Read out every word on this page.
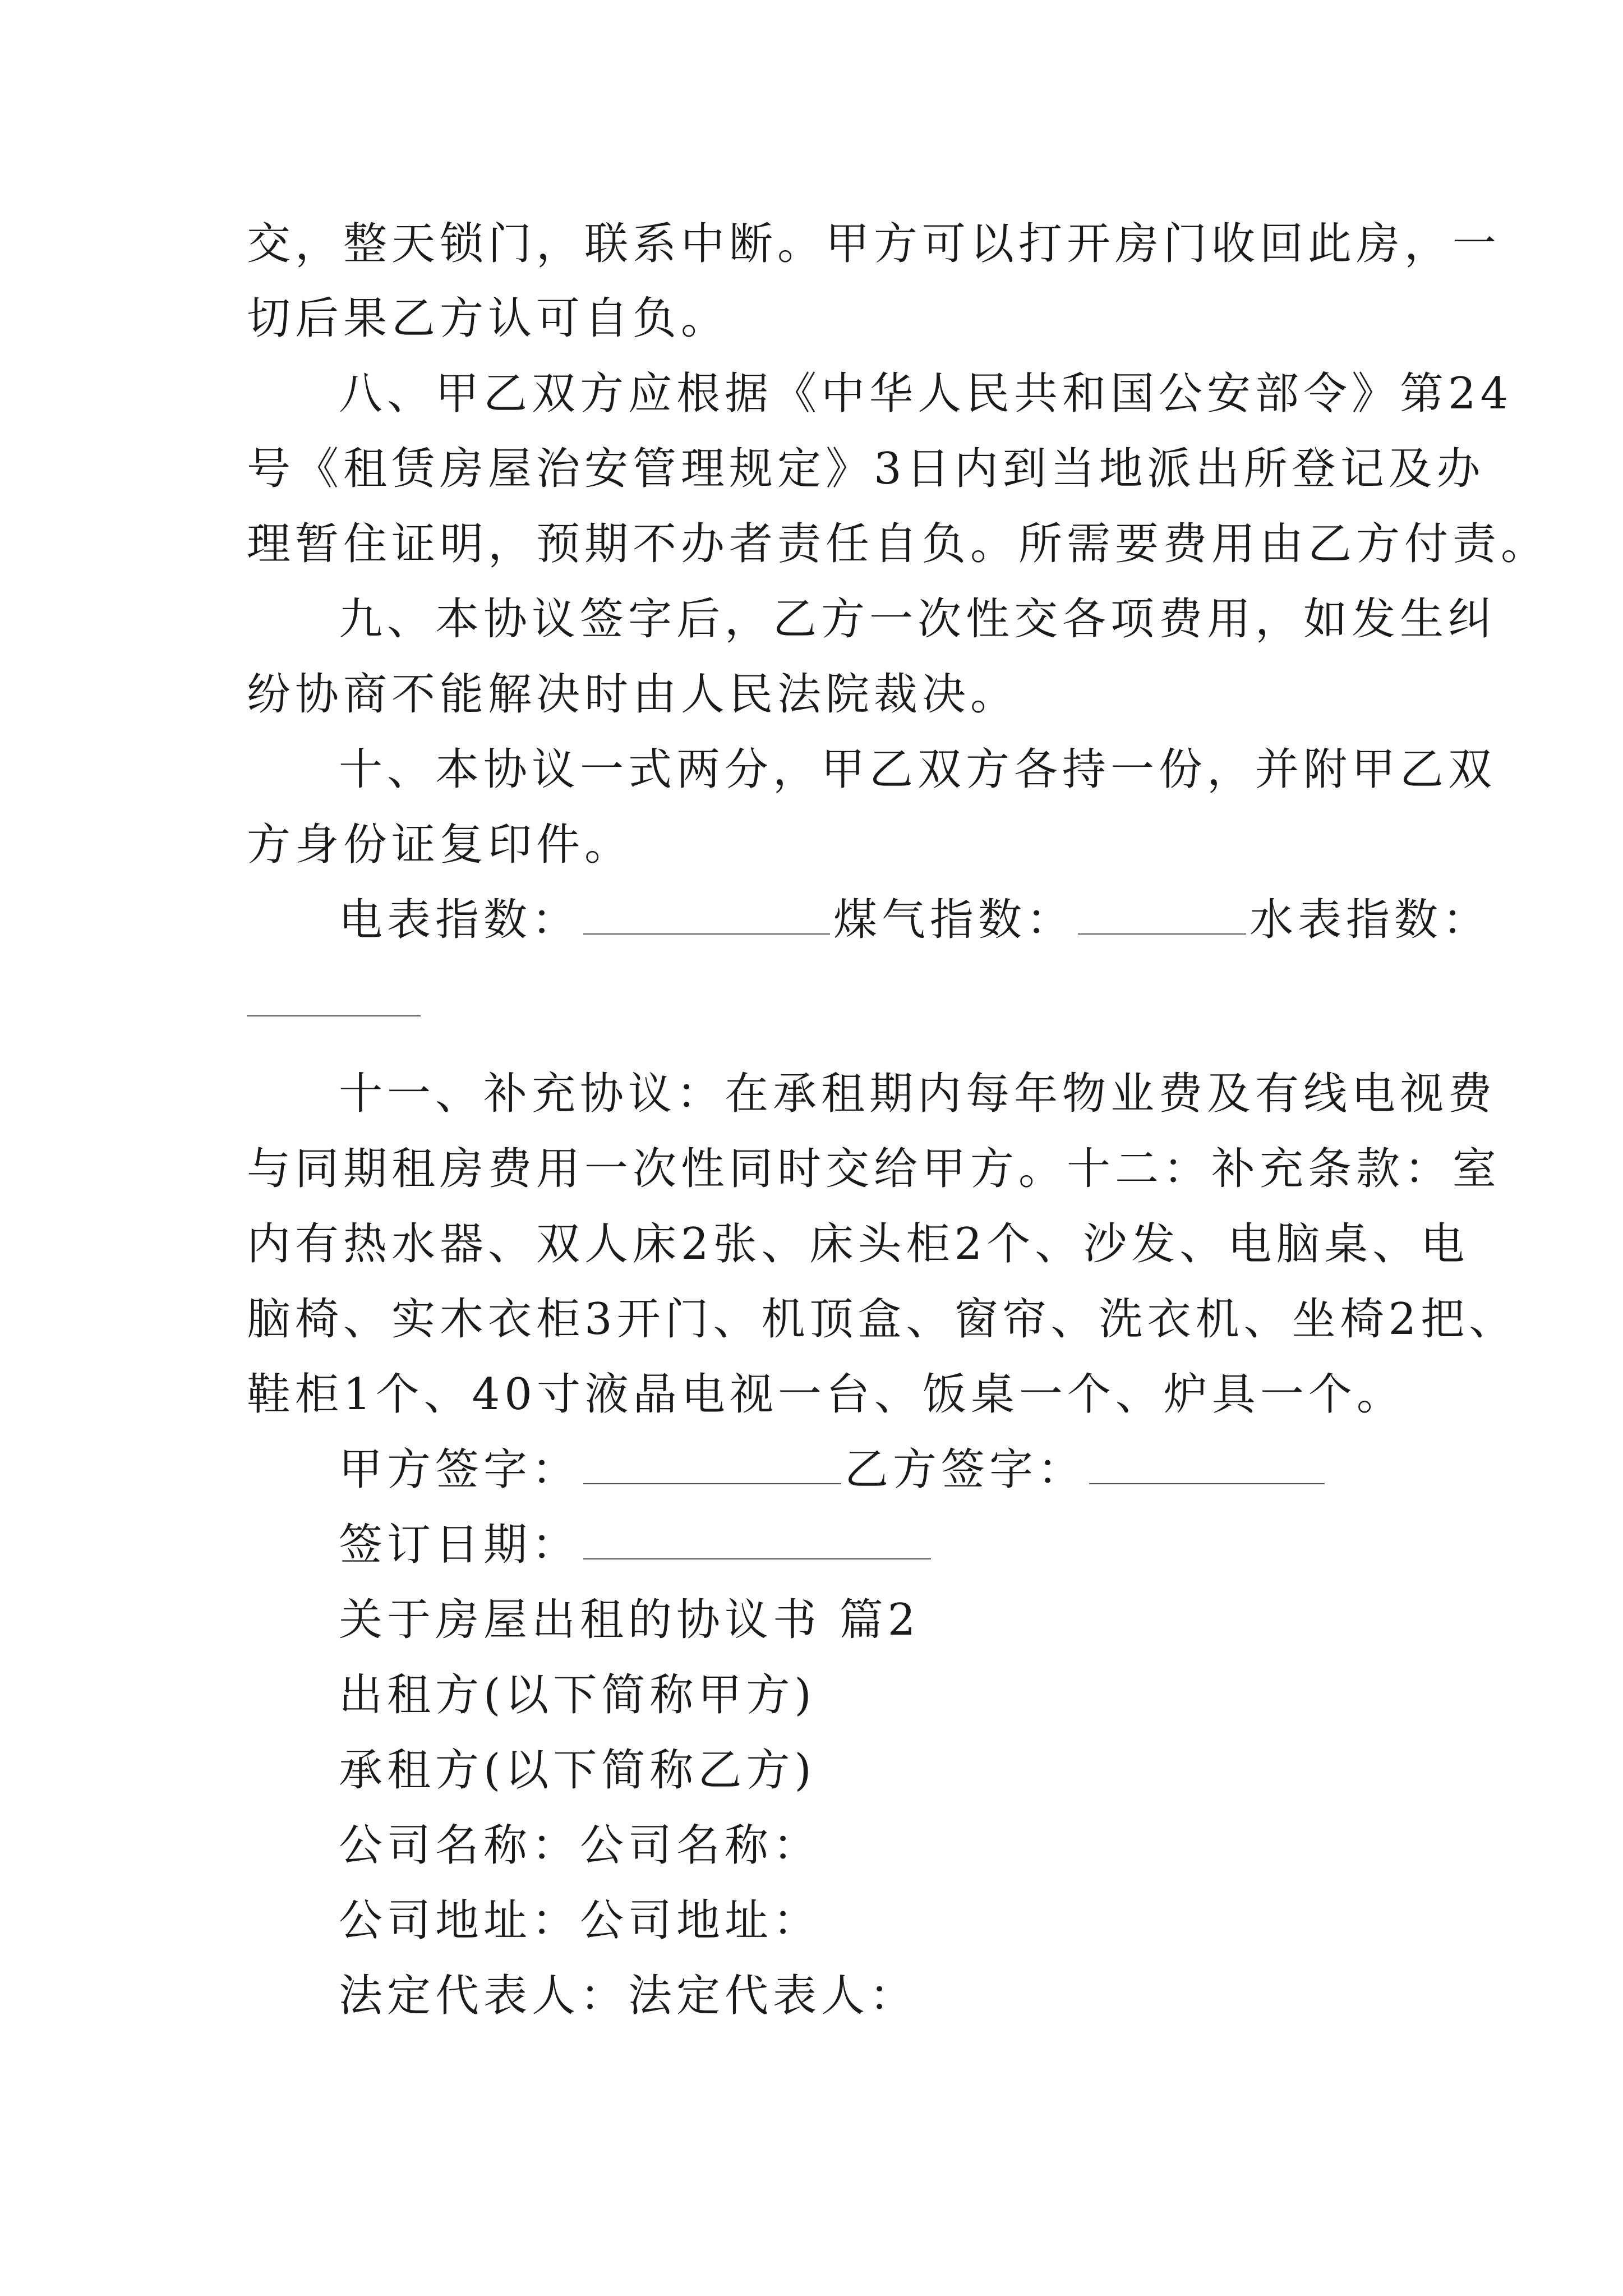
交，整天锁门，联系中断。甲方可以打开房门收回此房，一
切后果乙方认可自负。
八、甲乙双方应根据《中华人民共和国公安部令》第24
号《租赁房屋治安管理规定》3日内到当地派出所登记及办
理暂住证明，预期不办者责任自负。所需要费用由乙方付责。
九、本协议签字后，乙方一次性交各项费用，如发生纠
纷协商不能解决时由人民法院裁决。
十、本协议一式两分，甲乙双方各持一份，并附甲乙双
方身份证复印件。
电表指数：	煤气指数：	水表指数：
十一、补充协议：在承租期内每年物业费及有线电视费
与同期租房费用一次性同时交给甲方。十二：补充条款：室
内有热水器、双人床2张、床头柜2个、沙发、电脑桌、电
脑椅、实木衣柜3开门、机顶盒、窗帘、洗衣机、坐椅2把、
鞋柜1个、40寸液晶电视一台、饭桌一个、炉具一个。
甲方签字：	乙方签字：
签订日期：
关于房屋出租的协议书 篇2
出租方(以下简称甲方)
承租方(以下简称乙方)
公司名称：公司名称：
公司地址：公司地址：
法定代表人：法定代表人：
